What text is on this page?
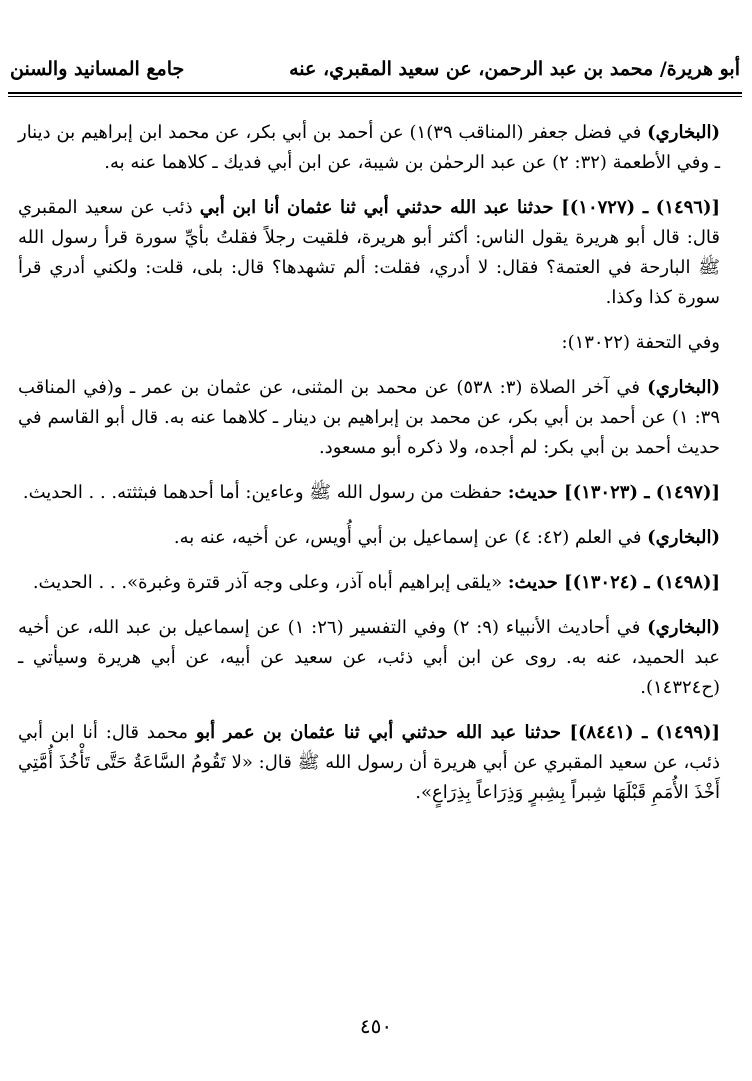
أبو هريرة/ محمد بن عبد الرحمن، عن سعيد المقبري، عنه
جامع المسانيد والسنن

(البخاري) في فضل جعفر (المناقب ٣٩)١) عن أحمد بن أبي بكر، عن محمد ابن إبراهيم بن دينار ـ وفي الأطعمة (٣٢: ٢) عن عبد الرحمٰن بن شيبة، عن ابن أبي فديك ـ كلاهما عنه به.

[(١٤٩٦) ـ (١٠٧٢٧)] حدثنا عبد الله حدثني أبي ثنا عثمان أنا ابن أبي ذئب عن سعيد المقبري قال: قال أبو هريرة يقول الناس: أكثر أبو هريرة، فلقيت رجلاً فقلتُ بأيِّ سورة قرأ رسول الله ﷺ البارحة في العتمة؟ فقال: لا أدري، فقلت: ألم تشهدها؟ قال: بلى، قلت: ولكني أدري قرأ سورة كذا وكذا.

وفي التحفة (١٣٠٢٢):

(البخاري) في آخر الصلاة (٣: ٥٣٨) عن محمد بن المثنى، عن عثمان بن عمر ـ و(في المناقب ٣٩: ١) عن أحمد بن أبي بكر، عن محمد بن إبراهيم بن دينار ـ كلاهما عنه به. قال أبو القاسم في حديث أحمد بن أبي بكر: لم أجده، ولا ذكره أبو مسعود.

[(١٤٩٧) ـ (١٣٠٢٣)] حديث: حفظت من رسول الله ﷺ وعاءين: أما أحدهما فبثثته. . . الحديث.

(البخاري) في العلم (٤٢: ٤) عن إسماعيل بن أبي أُويس، عن أخيه، عنه به.

[(١٤٩٨) ـ (١٣٠٢٤)] حديث: «يلقى إبراهيم أباه آذر، وعلى وجه آذر قترة وغبرة». . . الحديث.

(البخاري) في أحاديث الأنبياء (٩: ٢) وفي التفسير (٢٦: ١) عن إسماعيل بن عبد الله، عن أخيه عبد الحميد، عنه به. روى عن ابن أبي ذئب، عن سعيد عن أبيه، عن أبي هريرة وسيأتي ـ (ح١٤٣٢٤).

[(١٤٩٩) ـ (٨٤٤١)] حدثنا عبد الله حدثني أبي ثنا عثمان بن عمر أبو محمد قال: أنا ابن أبي ذئب، عن سعيد المقبري عن أبي هريرة أن رسول الله ﷺ قال: «لا تَقُومُ السَّاعَةُ حَتَّى تَأْخُذَ أُمَّتِي أَخْذَ الأُمَمِ قَبْلَهَا شِبراً بِشِبرٍ وَذِرَاعاً بِذِرَاعٍ».

٤٥٠
